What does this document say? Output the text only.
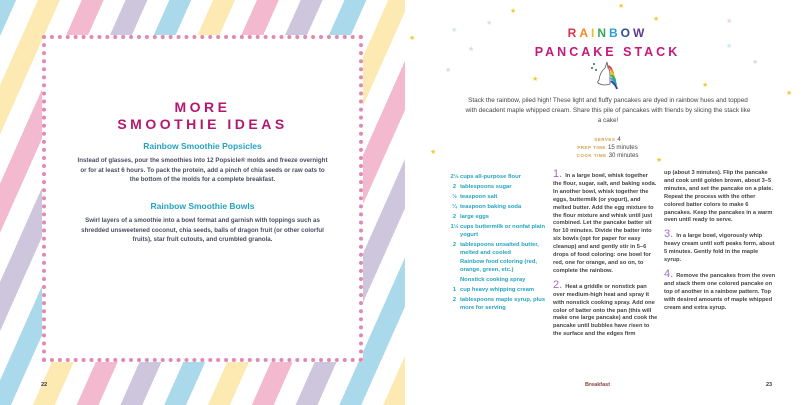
MORE
SMOOTHIE IDEAS
Rainbow Smoothie Popsicles
Instead of glasses, pour the smoothies into 12 Popsicle® molds and freeze overnight or for at least 6 hours. To pack the protein, add a pinch of chia seeds or raw oats to the bottom of the molds for a complete breakfast.
Rainbow Smoothie Bowls
Swirl layers of a smoothie into a bowl format and garnish with toppings such as shredded unsweetened coconut, chia seeds, balls of dragon fruit (or other colorful fruits), star fruit cutouts, and crumbled granola.
22
★
★
★
★
★
★
★
★
★	★
★
★
★
★
★
★
RAINBOW
PANCAKE STACK
Stack the rainbow, piled high! These light and fluffy pancakes are dyed in rainbow hues and topped with decadent maple whipped cream. Share this pile of pancakes with friends by slicing the stack like a cake!
SERVES 4
PREP TIME 15 minutes
COOK TIME 30 minutes
2½ cups all-purpose flour
2 tablespoons sugar
½ teaspoon salt
¼ teaspoon baking soda
2 large eggs
1½ cups buttermilk or nonfat plain yogurt
2 tablespoons unsalted butter, melted and cooled
Rainbow food coloring (red, orange, green, etc.)
Nonstick cooking spray
1 cup heavy whipping cream
2 tablespoons maple syrup, plus more for serving
1. In a large bowl, whisk together the flour, sugar, salt, and baking soda. In another bowl, whisk together the eggs, buttermilk (or yogurt), and melted butter. Add the egg mixture to the flour mixture and whisk until just combined. Let the pancake batter sit for 10 minutes. Divide the batter into six bowls (opt for paper for easy cleanup) and and gently stir in 5–6 drops of food coloring: one bowl for red, one for orange, and so on, to complete the rainbow.
2. Heat a griddle or nonstick pan over medium-high heat and spray it with nonstick cooking spray. Add one color of batter onto the pan (this will make one large pancake) and cook the pancake until bubbles have risen to the surface and the edges firm
up (about 3 minutes). Flip the pancake and cook until golden brown, about 3–5 minutes, and set the pancake on a plate. Repeat the process with the other colored batter colors to make 6 pancakes. Keep the pancakes in a warm oven until ready to serve.
3. In a large bowl, vigorously whip heavy cream until soft peaks form, about 5 minutes. Gently fold in the maple syrup.
4. Remove the pancakes from the oven and stack them one colored pancake on top of another in a rainbow pattern. Top with desired amounts of maple whipped cream and extra syrup.
Breakfast	23
